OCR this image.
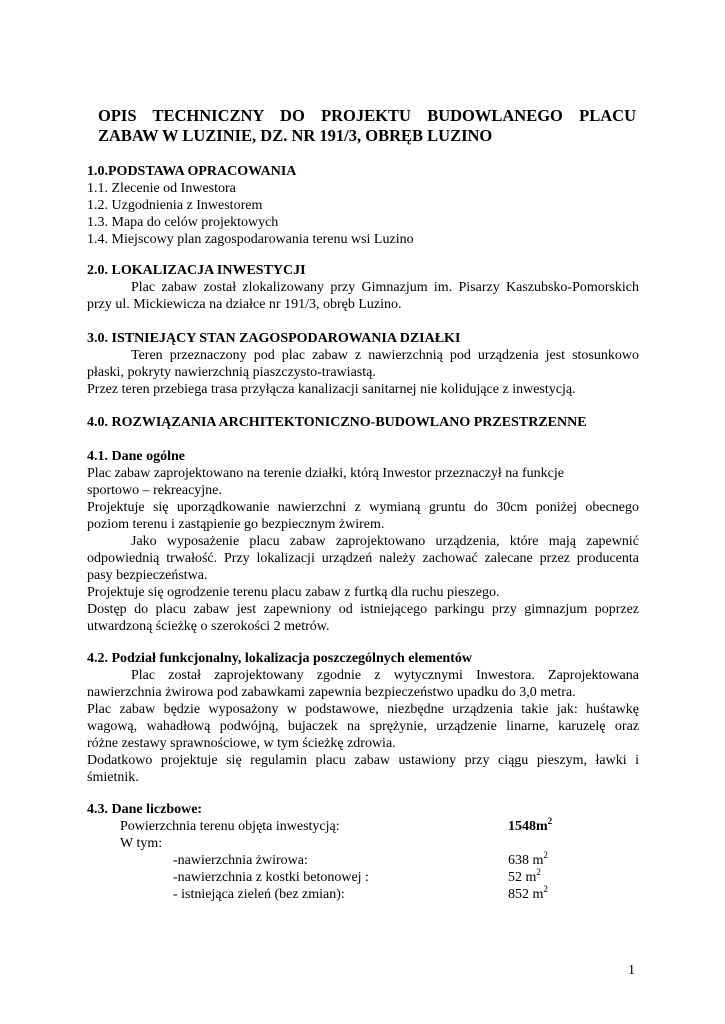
OPIS TECHNICZNY DO PROJEKTU BUDOWLANEGO PLACU
ZABAW W LUZINIE, DZ. NR 191/3, OBRĘB LUZINO
1.0.PODSTAWA OPRACOWANIA
1.1. Zlecenie od Inwestora
1.2. Uzgodnienia z Inwestorem
1.3. Mapa do celów projektowych
1.4. Miejscowy plan zagospodarowania terenu wsi Luzino
2.0. LOKALIZACJA INWESTYCJI
Plac zabaw został zlokalizowany przy Gimnazjum im. Pisarzy Kaszubsko-Pomorskich
przy ul. Mickiewicza na działce nr 191/3, obręb Luzino.
3.0. ISTNIEJĄCY STAN ZAGOSPODAROWANIA DZIAŁKI
Teren przeznaczony pod plac zabaw z nawierzchnią pod urządzenia jest stosunkowo
płaski, pokryty nawierzchnią piaszczysto-trawiastą.
Przez teren przebiega trasa przyłącza kanalizacji sanitarnej nie kolidujące z inwestycją.
4.0. ROZWIĄZANIA ARCHITEKTONICZNO-BUDOWLANO PRZESTRZENNE
4.1. Dane ogólne
Plac zabaw zaprojektowano na terenie działki, którą Inwestor przeznaczył na funkcje
sportowo – rekreacyjne.
Projektuje się uporządkowanie nawierzchni z wymianą gruntu do 30cm poniżej obecnego
poziom terenu i zastąpienie go bezpiecznym żwirem.
Jako wyposażenie placu zabaw zaprojektowano urządzenia, które mają zapewnić
odpowiednią trwałość. Przy lokalizacji urządzeń należy zachować zalecane przez producenta
pasy bezpieczeństwa.
Projektuje się ogrodzenie terenu placu zabaw z furtką dla ruchu pieszego.
Dostęp do placu zabaw jest zapewniony od istniejącego parkingu przy gimnazjum poprzez
utwardzoną ścieżkę o szerokości 2 metrów.
4.2. Podział funkcjonalny, lokalizacja poszczególnych elementów
Plac został zaprojektowany zgodnie z wytycznymi Inwestora. Zaprojektowana
nawierzchnia żwirowa pod zabawkami zapewnia bezpieczeństwo upadku do 3,0 metra.
Plac zabaw będzie wyposażony w podstawowe, niezbędne urządzenia takie jak: huśtawkę
wagową, wahadłową podwójną, bujaczek na sprężynie, urządzenie linarne, karuzelę oraz
różne zestawy sprawnościowe, w tym ścieżkę zdrowia.
Dodatkowo projektuje się regulamin placu zabaw ustawiony przy ciągu pieszym, ławki i
śmietnik.
4.3. Dane liczbowe:
Powierzchnia terenu objęta inwestycją:	$1548m^2$
W tym:
-nawierzchnia żwirowa:	638 $m^2$
-nawierzchnia z kostki betonowej :	52 $m^2$
- istniejąca zieleń (bez zmian):	852 $m^2$
1
